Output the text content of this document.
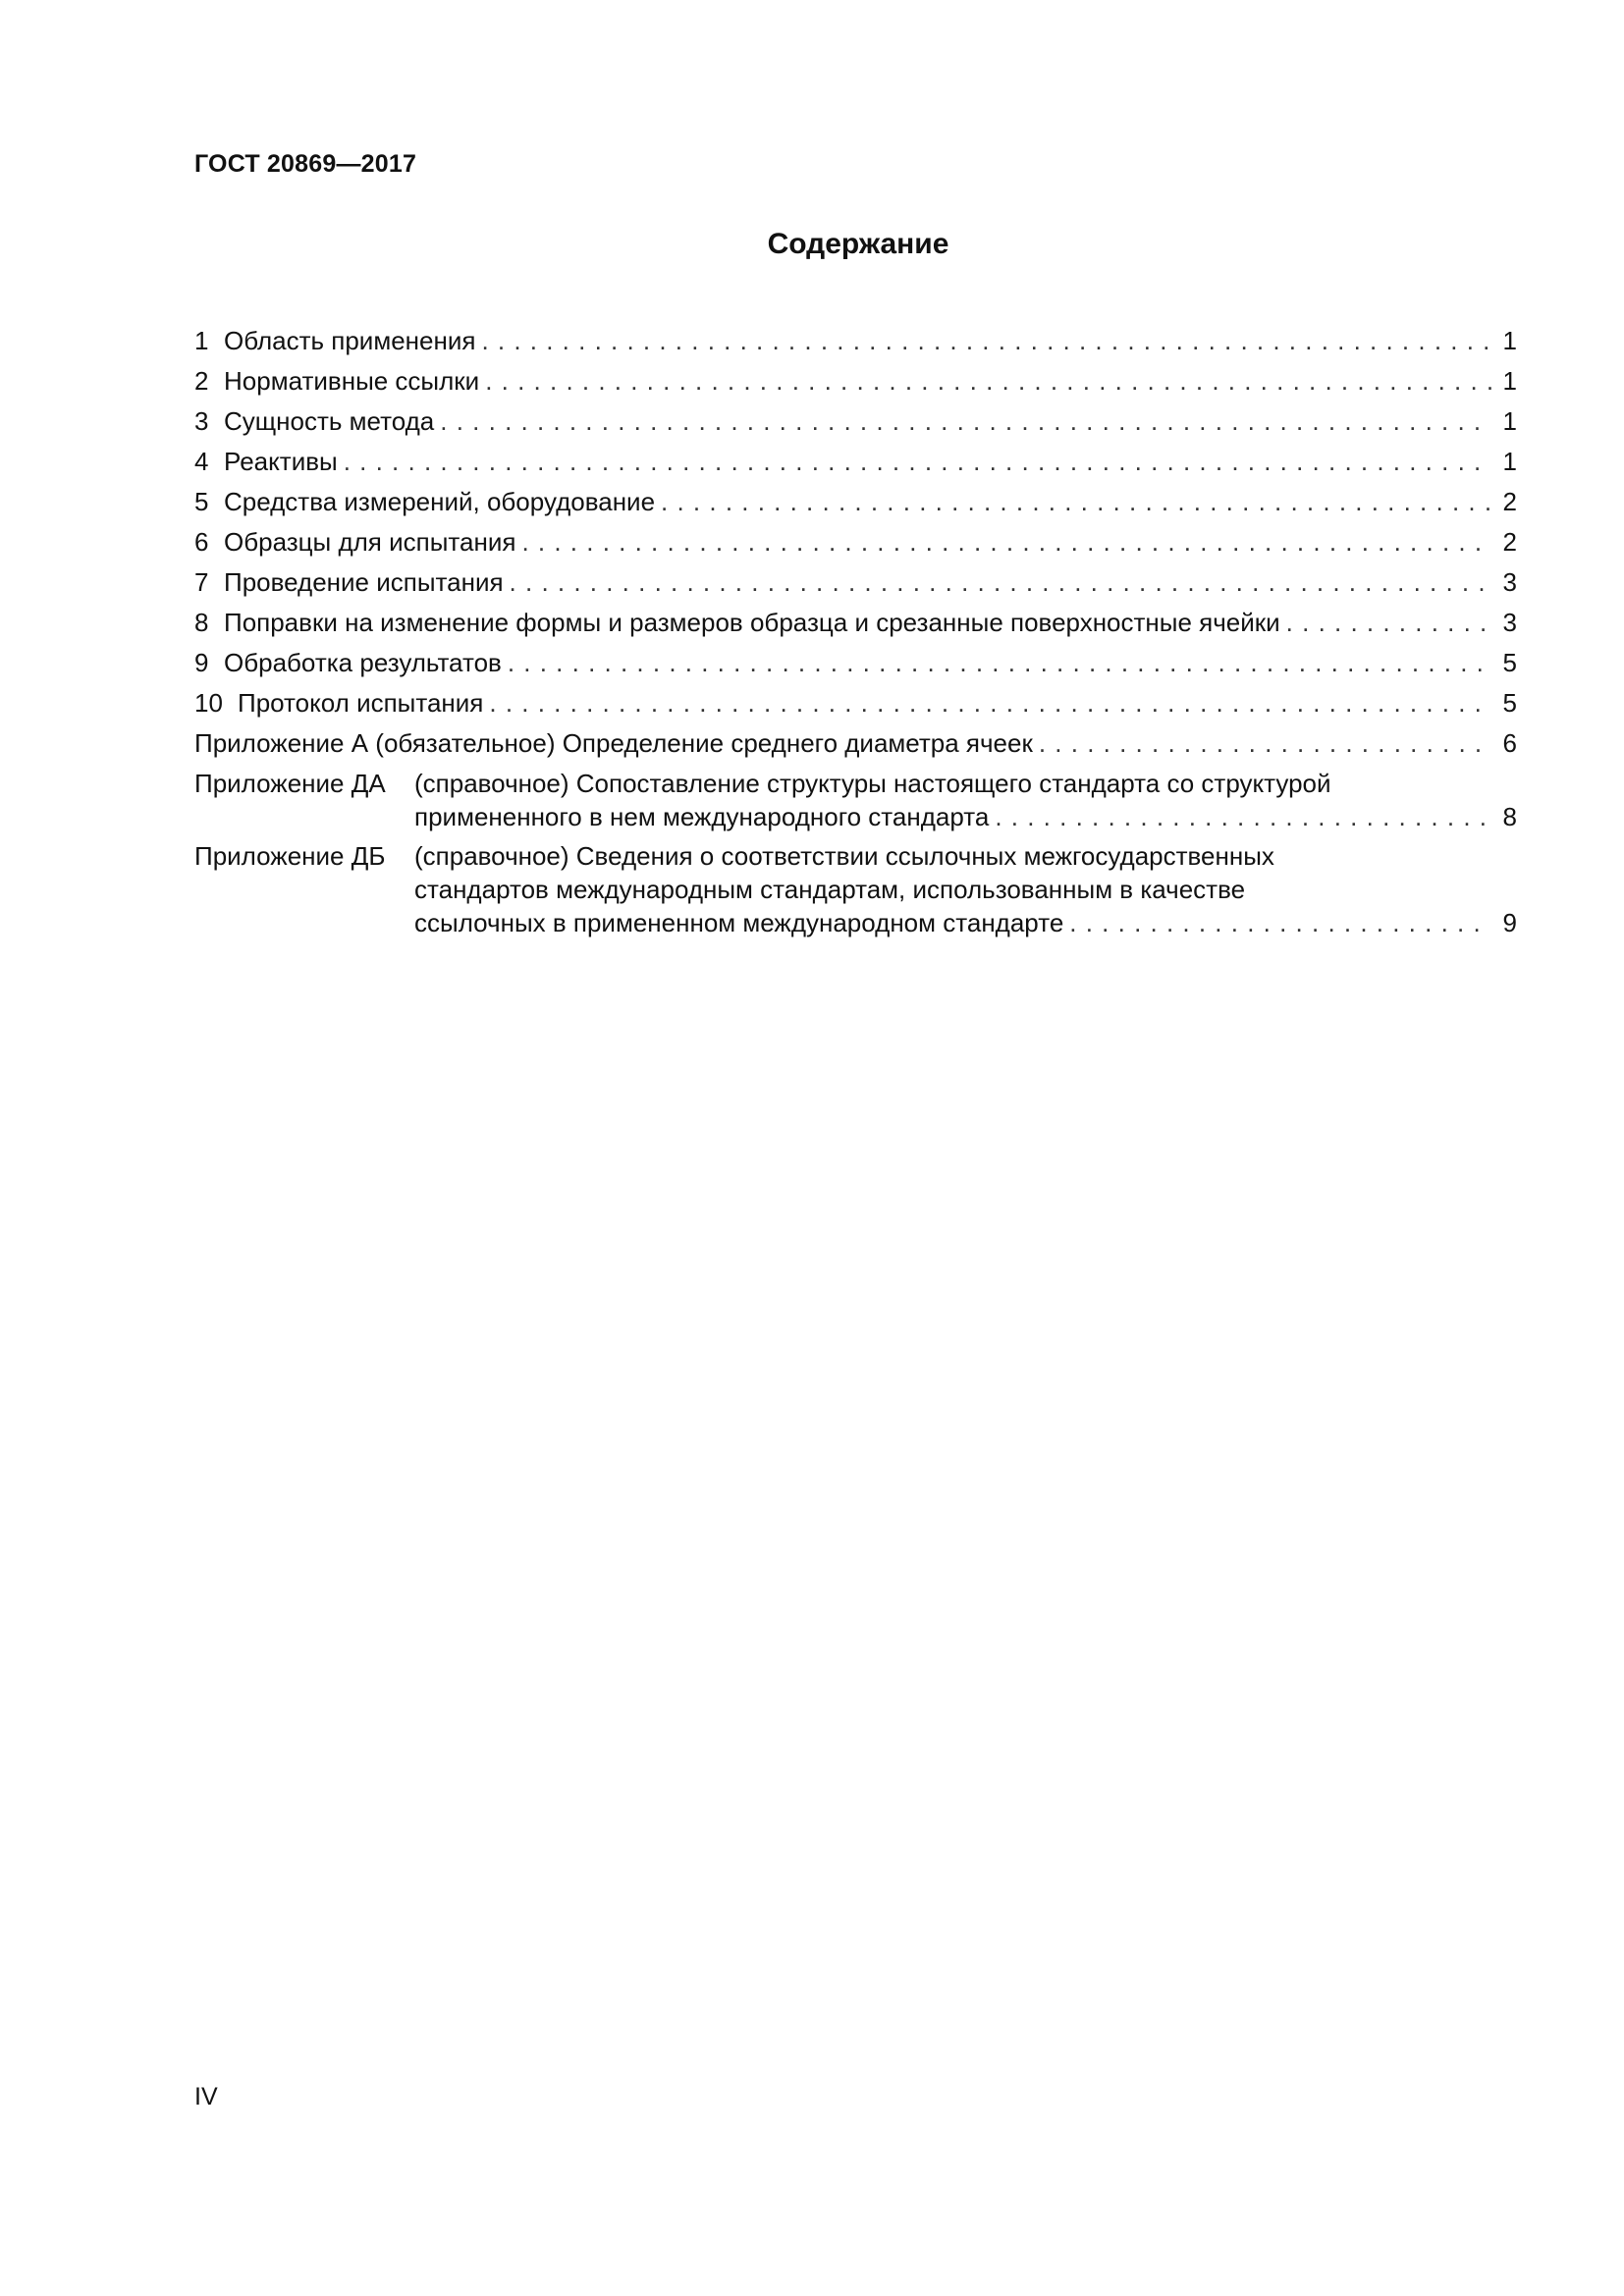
ГОСТ 20869—2017
Содержание
1 Область применения . . .	1
2 Нормативные ссылки . . .	1
3 Сущность метода . . .	1
4 Реактивы . . .	1
5 Средства измерений, оборудование . . .	2
6 Образцы для испытания . . .	2
7 Проведение испытания . . .	3
8 Поправки на изменение формы и размеров образца и срезанные поверхностные ячейки . . .	3
9 Обработка результатов . . .	5
10 Протокол испытания . . .	5
Приложение А (обязательное) Определение среднего диаметра ячеек . . .	6
Приложение ДА (справочное) Сопоставление структуры настоящего стандарта со структурой
примененного в нем международного стандарта . . .	8
Приложение ДБ (справочное) Сведения о соответствии ссылочных межгосударственных
стандартов международным стандартам, использованным в качестве
ссылочных в примененном международном стандарте . . .	9
IV
